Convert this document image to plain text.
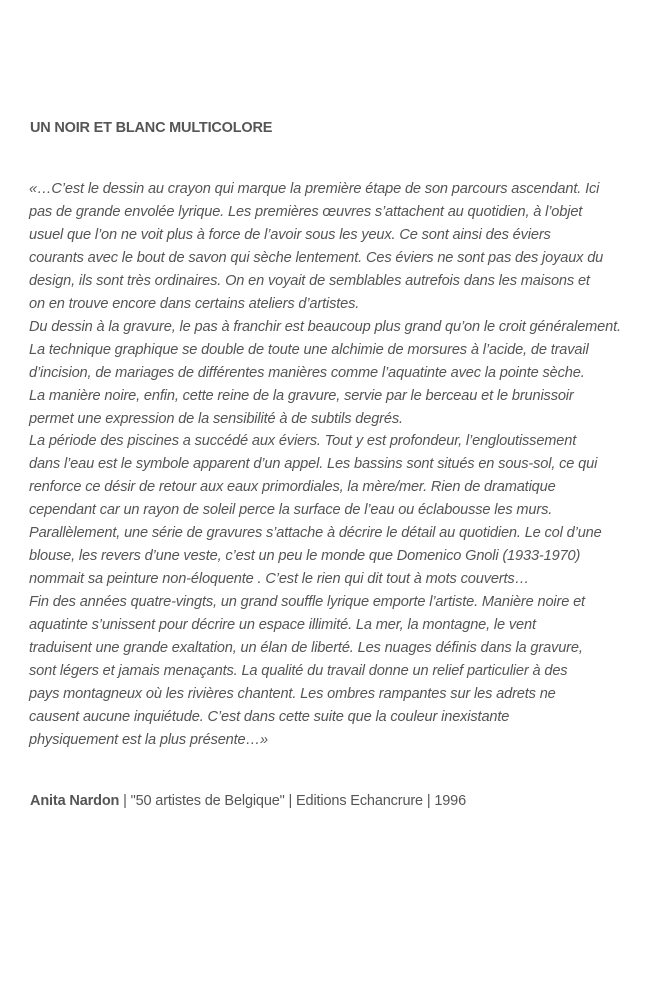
UN NOIR ET BLANC MULTICOLORE

«…C’est le dessin au crayon qui marque la première étape de son parcours ascendant. Ici
pas de grande envolée lyrique. Les premières œuvres s’attachent au quotidien, à l’objet
usuel que l’on ne voit plus à force de l’avoir sous les yeux. Ce sont ainsi des éviers
courants avec le bout de savon qui sèche lentement. Ces éviers ne sont pas des joyaux du
design, ils sont très ordinaires. On en voyait de semblables autrefois dans les maisons et
on en trouve encore dans certains ateliers d’artistes.
Du dessin à la gravure, le pas à franchir est beaucoup plus grand qu’on le croit généralement.
La technique graphique se double de toute une alchimie de morsures à l’acide, de travail
d’incision, de mariages de différentes manières comme l’aquatinte avec la pointe sèche.
La manière noire, enfin, cette reine de la gravure, servie par le berceau et le brunissoir
permet une expression de la sensibilité à de subtils degrés.
La période des piscines a succédé aux éviers. Tout y est profondeur, l’engloutissement
dans l’eau est le symbole apparent d’un appel. Les bassins sont situés en sous-sol, ce qui
renforce ce désir de retour aux eaux primordiales, la mère/mer. Rien de dramatique
cependant car un rayon de soleil perce la surface de l’eau ou éclabousse les murs.
Parallèlement, une série de gravures s’attache à décrire le détail au quotidien. Le col d’une
blouse, les revers d’une veste, c’est un peu le monde que Domenico Gnoli (1933-1970)
nommait sa peinture non-éloquente . C’est le rien qui dit tout à mots couverts…
Fin des années quatre-vingts, un grand souffle lyrique emporte l’artiste. Manière noire et
aquatinte s’unissent pour décrire un espace illimité. La mer, la montagne, le vent
traduisent une grande exaltation, un élan de liberté. Les nuages définis dans la gravure,
sont légers et jamais menaçants. La qualité du travail donne un relief particulier à des
pays montagneux où les rivières chantent. Les ombres rampantes sur les adrets ne
causent aucune inquiétude. C’est dans cette suite que la couleur inexistante
physiquement est la plus présente…»

Anita Nardon | "50 artistes de Belgique" | Editions Echancrure | 1996
